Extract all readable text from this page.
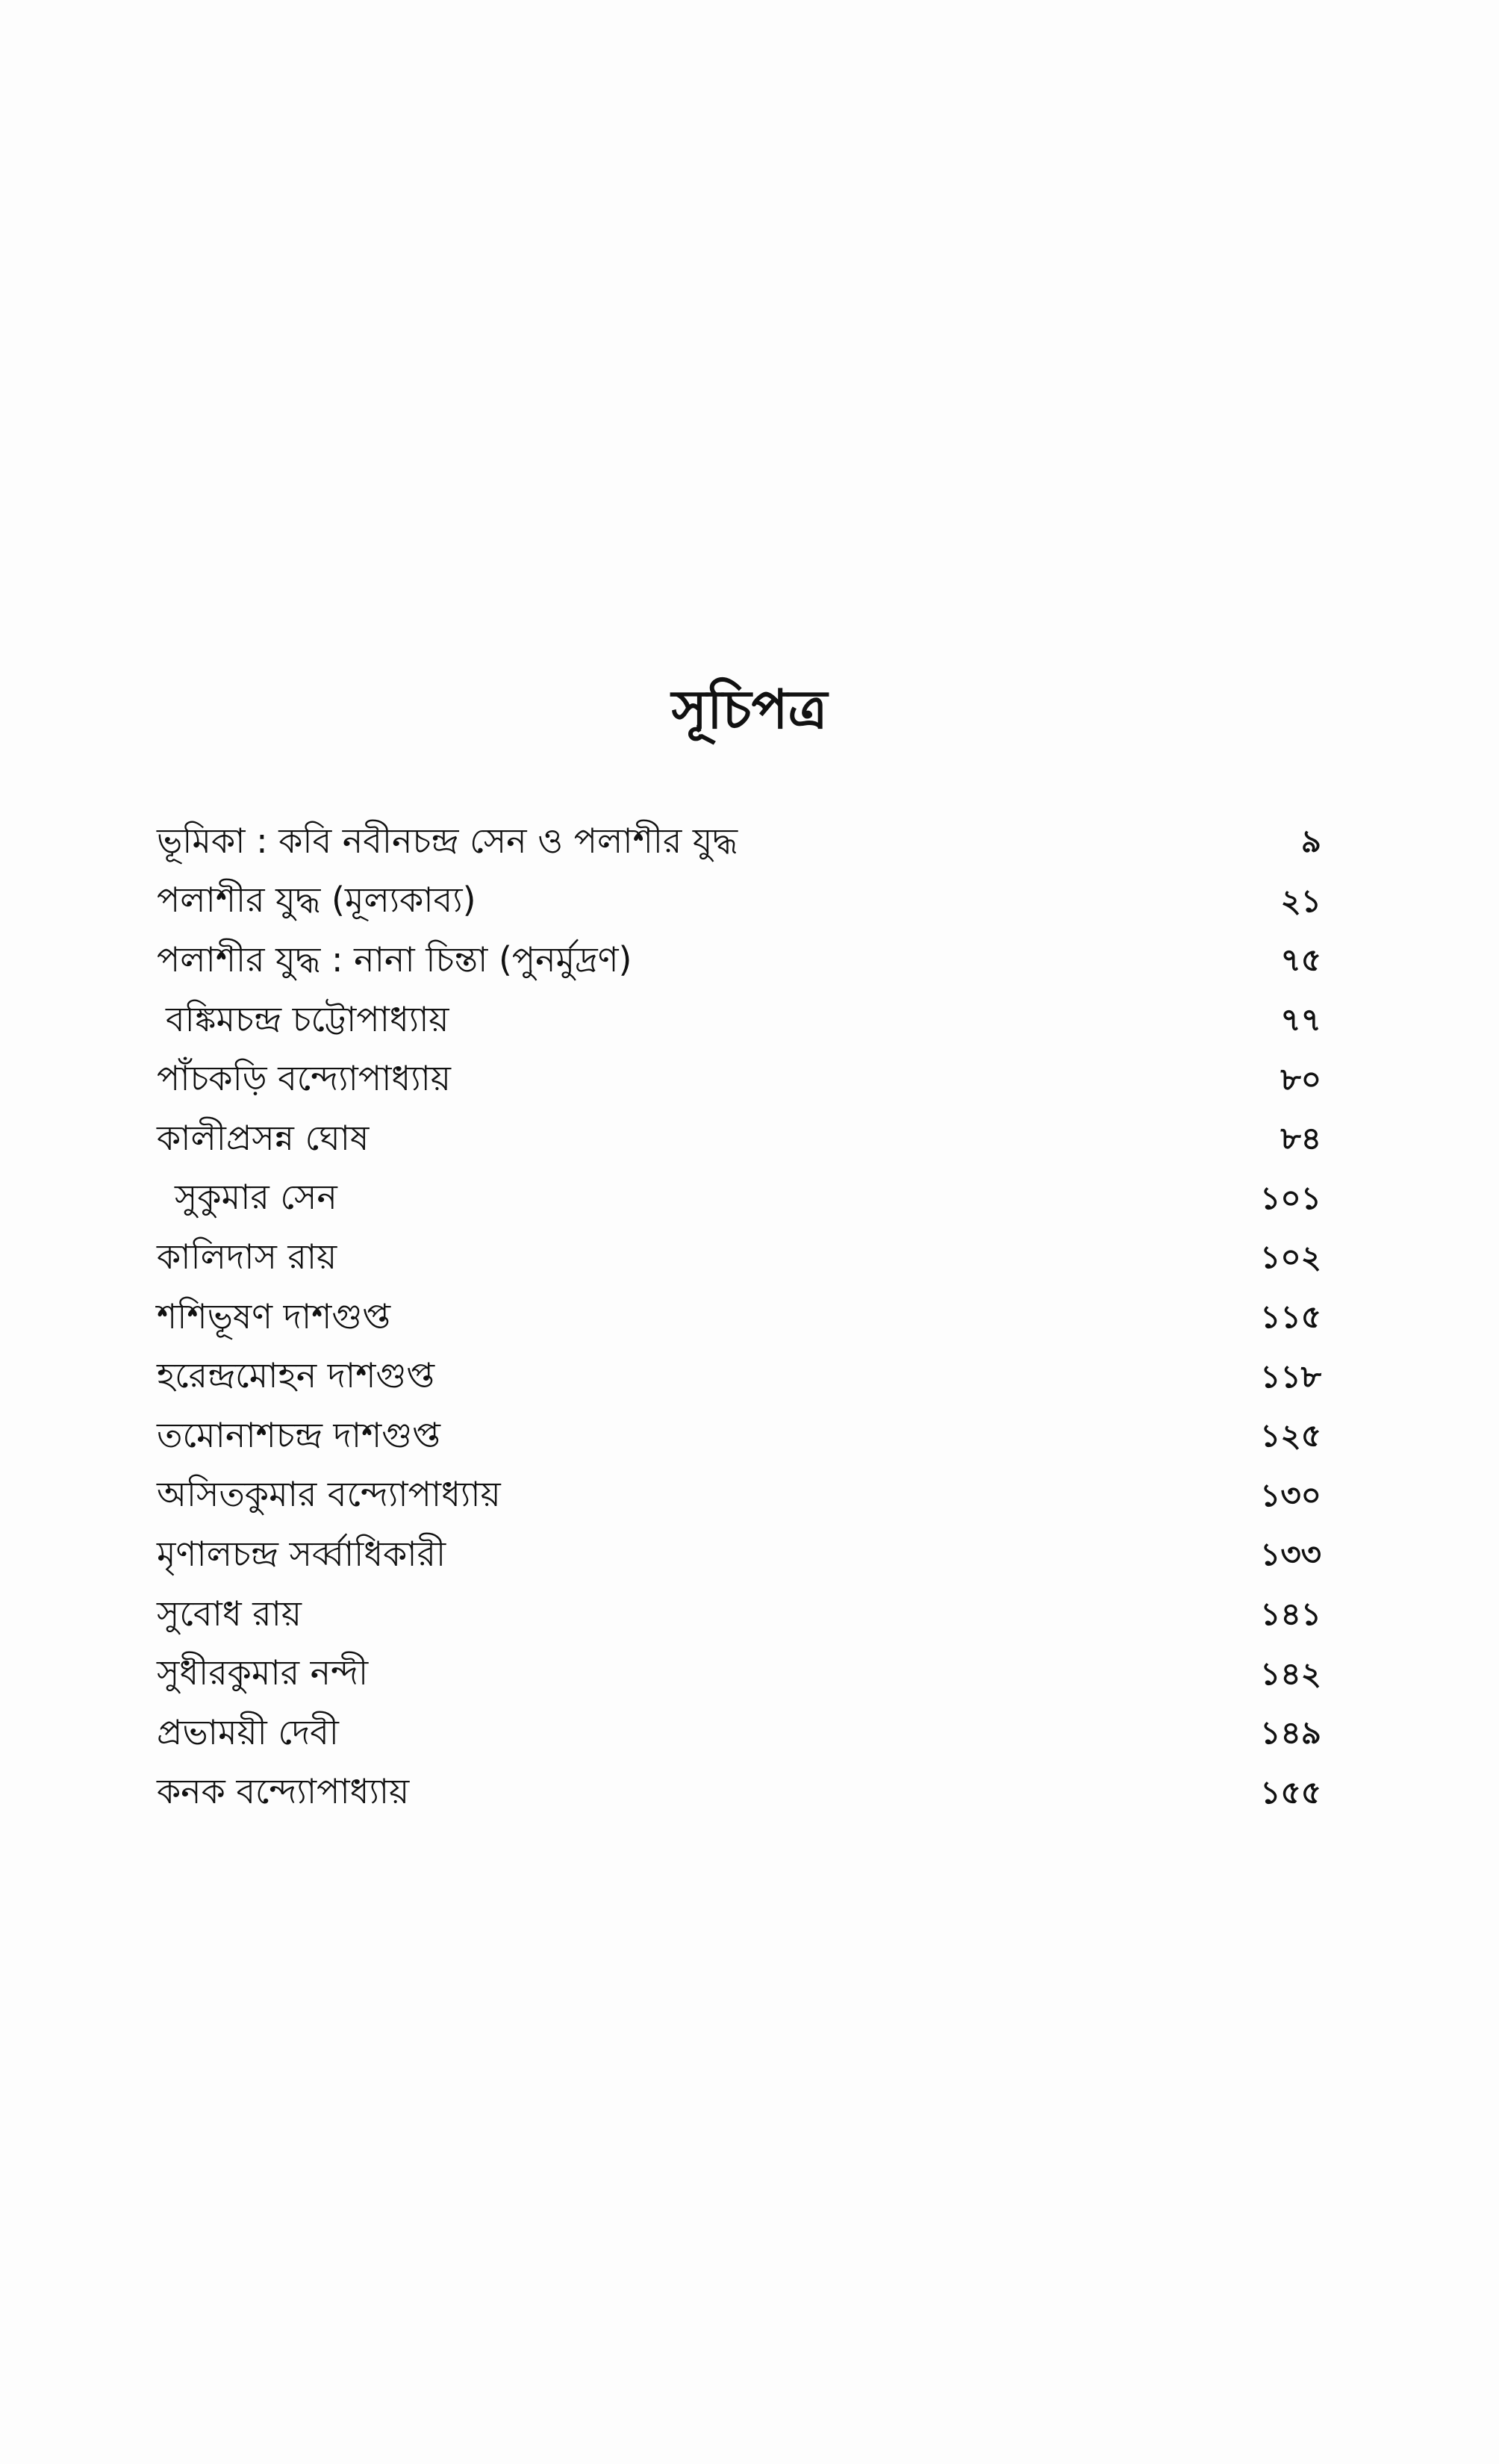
সূচিপত্র
ভূমিকা : কবি নবীনচন্দ্র সেন ও পলাশীর যুদ্ধ	৯
পলাশীর যুদ্ধ (মূল্যকাব্য)	২১
পলাশীর যুদ্ধ : নানা চিন্তা (পুনর্মুদ্রণ)	৭৫
বঙ্কিমচন্দ্র চট্টোপাধ্যায়	৭৭
পাঁচকড়ি বন্দ্যোপাধ্যায়	৮০
কালীপ্রসন্ন ঘোষ	৮৪
সুকুমার সেন	১০১
কালিদাস রায়	১০২
শশিভূষণ দাশগুপ্ত	১১৫
হরেন্দ্রমোহন দাশগুপ্ত	১১৮
তমোনাশচন্দ্র দাশগুপ্ত	১২৫
অসিতকুমার বন্দ্যোপাধ্যায়	১৩০
মৃণালচন্দ্র সর্ব্বাধিকারী	১৩৩
সুবোধ রায়	১৪১
সুধীরকুমার নন্দী	১৪২
প্রভাময়ী দেবী	১৪৯
কনক বন্দ্যোপাধ্যায়	১৫৫
